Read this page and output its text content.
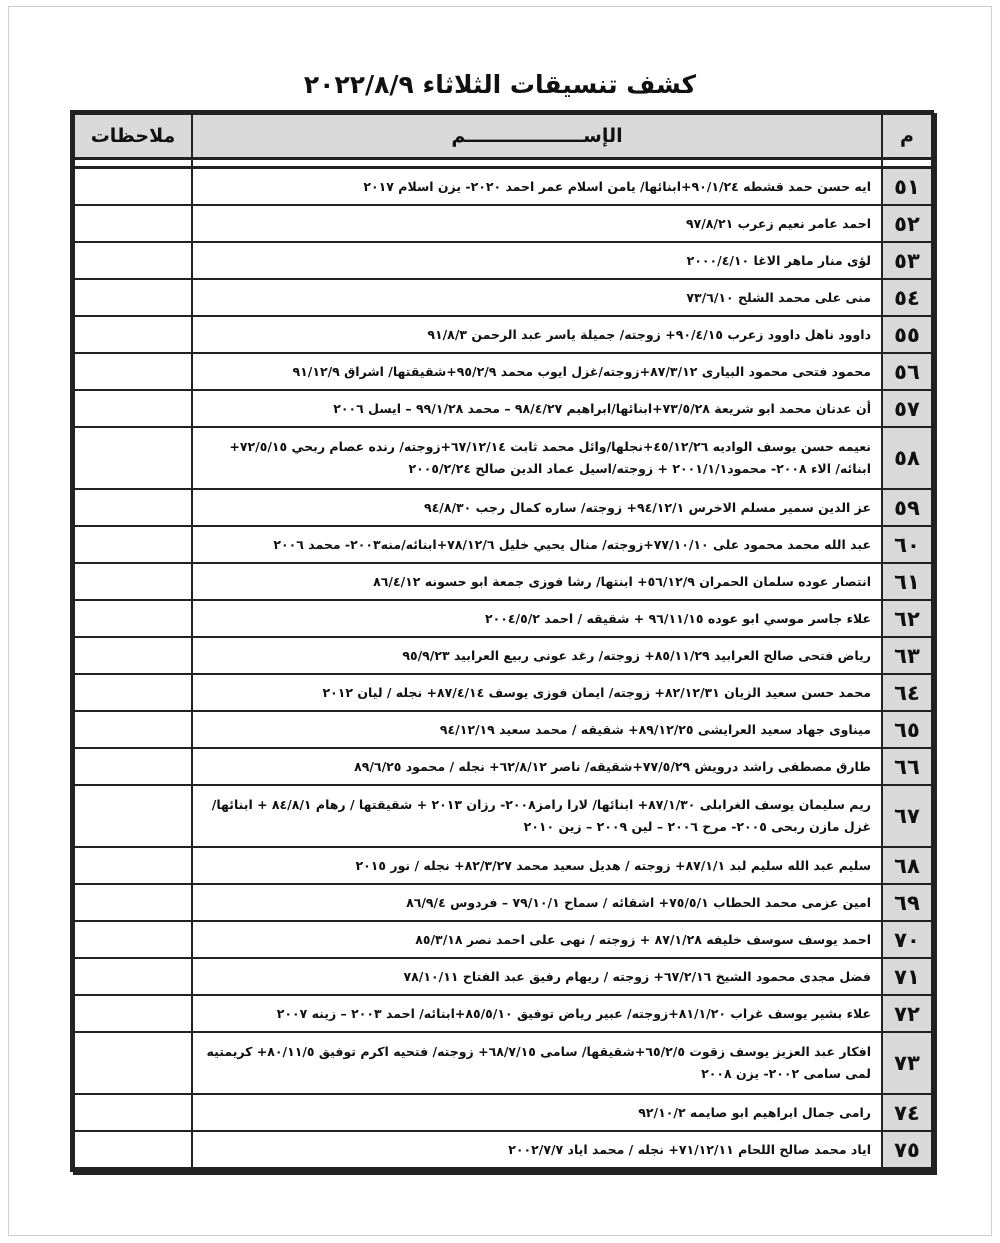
كشف تنسيقات الثلاثاء ٢٠٢٢/٨/٩
م	الإســــــــــــــــــم	ملاحظات

٥١	ايه حسن حمد قشطه ٩٠/١/٢٤+ابنائها/ يامن اسلام عمر احمد ٢٠٢٠- يزن اسلام ٢٠١٧	
٥٢	احمد عامر نعيم زعرب ٩٧/٨/٢١	
٥٣	لؤى منار ماهر الاغا ٢٠٠٠/٤/١٠	
٥٤	منى على محمد الشلح ٧٣/٦/١٠	
٥٥	داوود ناهل داوود زعرب ٩٠/٤/١٥+ زوجته/ جميلة ياسر عبد الرحمن ٩١/٨/٣	
٥٦	محمود فتحى محمود البيارى ٨٧/٣/١٢+زوجته/غزل ايوب محمد ٩٥/٢/٩+شقيقتها/ اشراق ٩١/١٢/٩	
٥٧	أن عدنان محمد ابو شريعة ٧٣/٥/٢٨+ابنائها/ابراهيم ٩٨/٤/٢٧ – محمد ٩٩/١/٢٨ – ايسل ٢٠٠٦	
٥٨	نعيمه حسن يوسف الواديه ٤٥/١٢/٢٦+نجلها/وائل محمد ثابت ٦٧/١٢/١٤+زوجته/ رنده عصام ربحي ٧٢/٥/١٥+ ابنائه/ الاء ٢٠٠٨- محمود٢٠٠١/١/١ + زوجته/اسيل عماد الدين صالح ٢٠٠٥/٢/٢٤	
٥٩	عز الدين سمير مسلم الاخرس ٩٤/١٢/١+ زوجته/ ساره كمال رجب ٩٤/٨/٣٠	
٦٠	عبد الله محمد محمود على ٧٧/١٠/١٠+زوجته/ منال يحيي خليل ٧٨/١٢/٦+ابنائه/منه٢٠٠٣- محمد ٢٠٠٦	
٦١	انتصار عوده سلمان الحمران ٥٦/١٢/٩+ ابنتها/ رشا فوزى جمعة ابو حسونه ٨٦/٤/١٢	
٦٢	علاء جاسر موسي ابو عوده ٩٦/١١/١٥ + شقيقه / احمد ٢٠٠٤/٥/٢	
٦٣	رياض فتحى صالح العرابيد ٨٥/١١/٢٩+ زوجته/ رغد عونى ربيع العرابيد ٩٥/٩/٢٣	
٦٤	محمد حسن سعيد الزيان ٨٢/١٢/٣١+ زوجته/ ايمان فوزى يوسف ٨٧/٤/١٤+ نجله / ليان ٢٠١٢	
٦٥	ميناوى جهاد سعيد العرايشى ٨٩/١٢/٢٥+ شقيقه / محمد سعيد ٩٤/١٢/١٩	
٦٦	طارق مصطفى راشد درويش ٧٧/٥/٢٩+شقيقه/ ناصر ٦٢/٨/١٢+ نجله / محمود ٨٩/٦/٢٥	
٦٧	ريم سليمان يوسف الغرابلى ٨٧/١/٣٠+ ابنائها/ لارا رامز٢٠٠٨- رزان ٢٠١٣ + شقيقتها / رهام ٨٤/٨/١ + ابنائها/ غزل مازن ربحى ٢٠٠٥- مرح ٢٠٠٦ – لين ٢٠٠٩ – زين ٢٠١٠	
٦٨	سليم عبد الله سليم لبد ٨٧/١/١+ زوجته / هديل سعيد محمد ٨٢/٣/٢٧+ نجله / نور ٢٠١٥	
٦٩	امين عزمى محمد الحطاب ٧٥/٥/١+ اشقائه / سماح ٧٩/١٠/١ – فردوس ٨٦/٩/٤	
٧٠	احمد يوسف سوسف خليفه ٨٧/١/٢٨ + زوجته / نهى على احمد نصر ٨٥/٣/١٨	
٧١	فضل مجدى محمود الشيخ ٦٧/٢/١٦+ زوجته / ريهام رفيق عبد الفتاح ٧٨/١٠/١١	
٧٢	علاء بشير يوسف غراب ٨١/١/٢٠+زوجته/ عبير رياض توفيق ٨٥/٥/١٠+ابنائه/ احمد ٢٠٠٣ – زينه ٢٠٠٧	
٧٣	افكار عبد العزيز يوسف زقوت ٦٥/٢/٥+شقيقها/ سامى ٦٨/٧/١٥+ زوجته/ فتحيه اكرم توفيق ٨٠/١١/٥+ كريمتيه لمى سامى ٢٠٠٢- يزن ٢٠٠٨	
٧٤	رامى جمال ابراهيم ابو صايمه ٩٢/١٠/٢	
٧٥	اياد محمد صالح اللحام ٧١/١٢/١١+ نجله / محمد اياد ٢٠٠٢/٧/٧	
